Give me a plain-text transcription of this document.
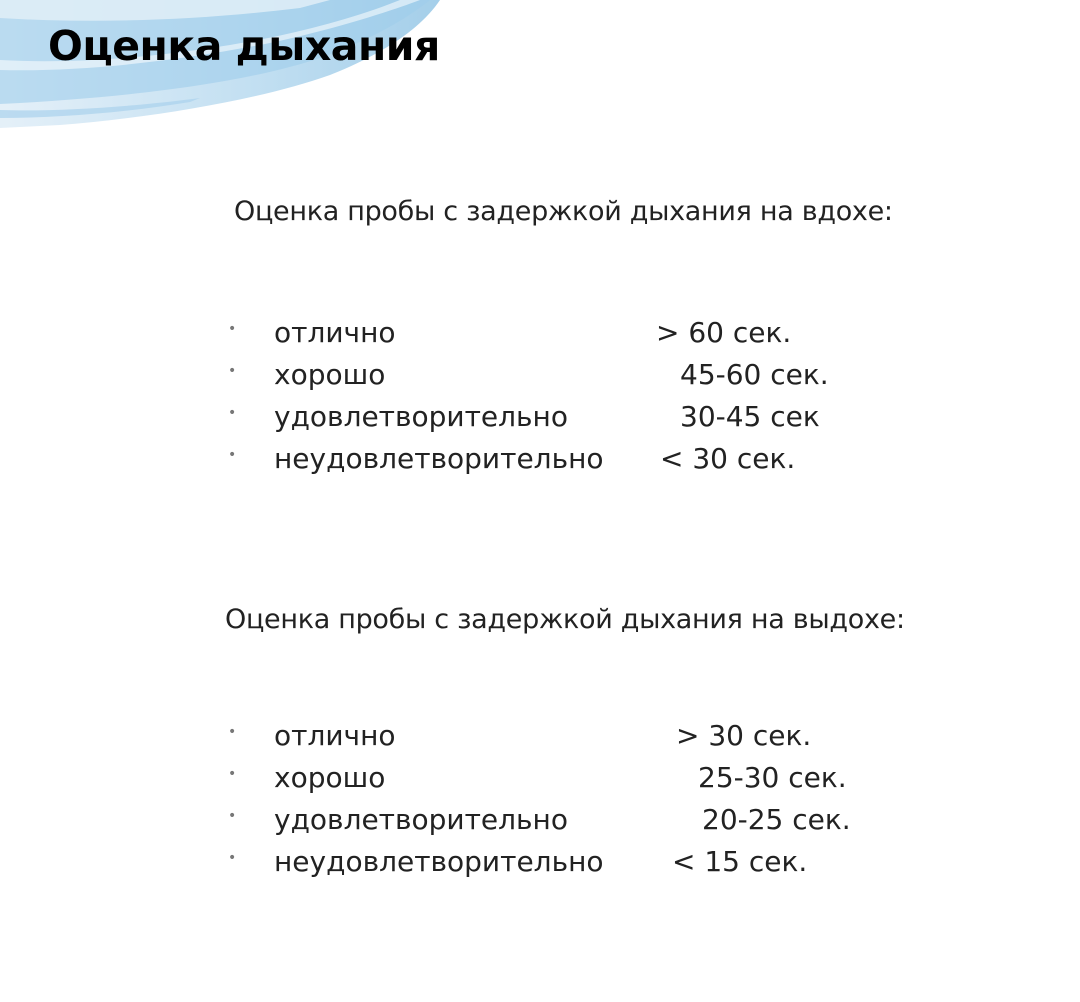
Оценка дыхания

Оценка пробы с задержкой дыхания на вдохе:

• отлично	> 60 сек.
• хорошо	45-60 сек.
• удовлетворительно	30-45 сек
• неудовлетворительно < 30 сек.

Оценка пробы с задержкой дыхания на выдохе:

• отлично	> 30 сек.
• хорошо	25-30 сек.
• удовлетворительно	20-25 сек.
• неудовлетворительно < 15 сек.
